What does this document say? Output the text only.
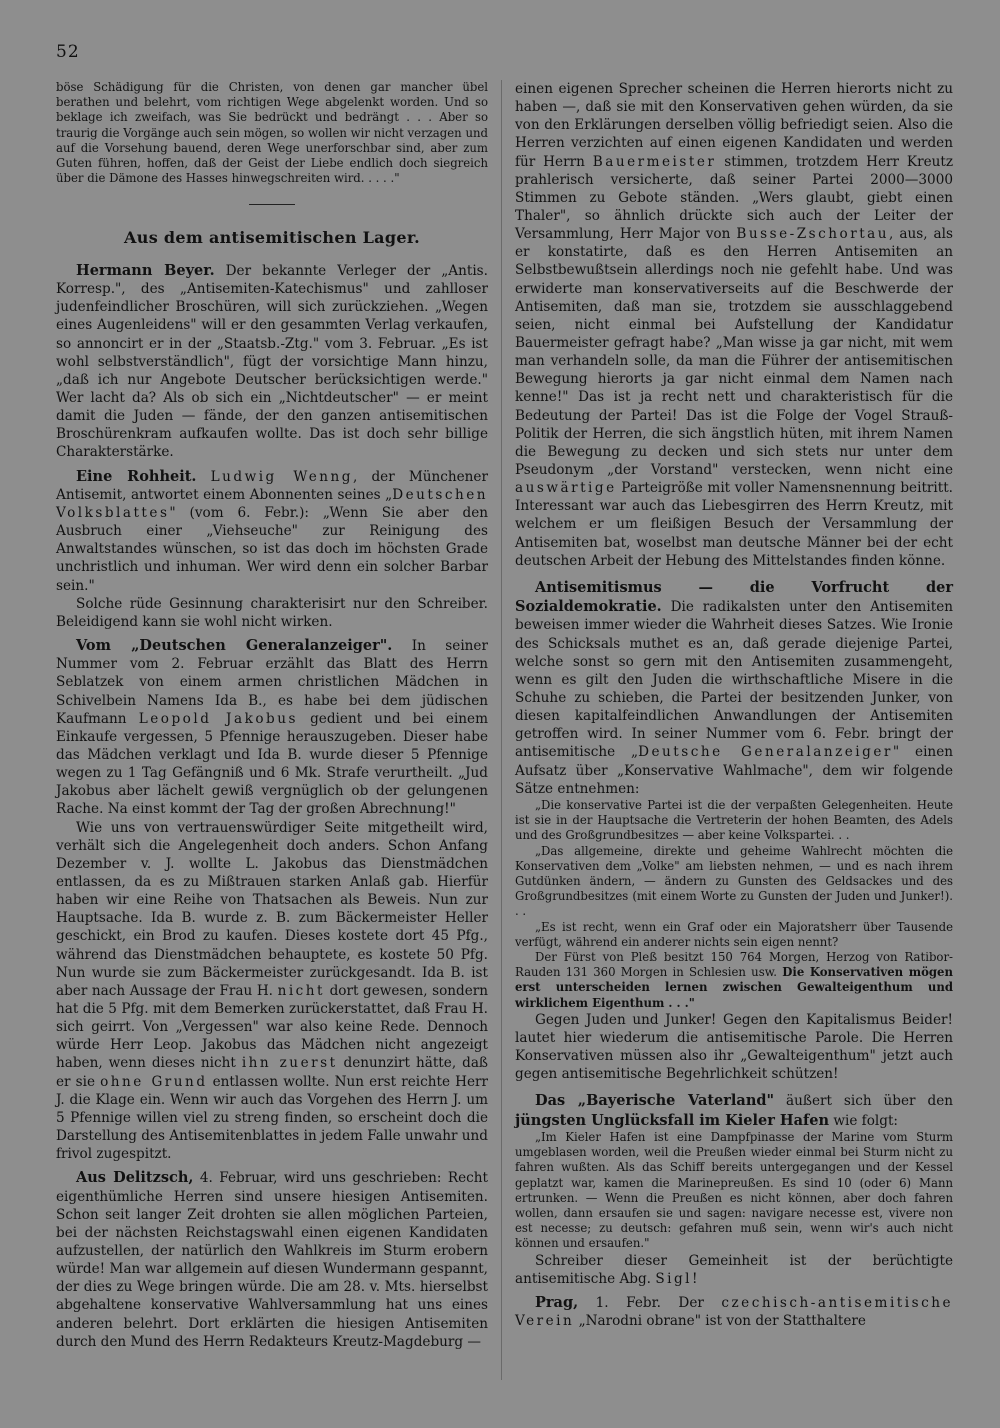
52

böse Schädigung für die Christen, von denen gar mancher übel berathen und belehrt, vom richtigen Wege abgelenkt worden. Und so beklage ich zweifach, was Sie bedrückt und bedrängt . . . Aber so traurig die Vorgänge auch sein mögen, so wollen wir nicht verzagen und auf die Vorsehung bauend, deren Wege unerforschbar sind, aber zum Guten führen, hoffen, daß der Geist der Liebe endlich doch siegreich über die Dämone des Hasses hinwegschreiten wird. . . . ."

Aus dem antisemitischen Lager.

Hermann Beyer. Der bekannte Verleger der „Antis. Korresp.", des „Antisemiten-Katechismus" und zahlloser judenfeindlicher Broschüren, will sich zurückziehen. „Wegen eines Augenleidens" will er den gesammten Verlag verkaufen, so annoncirt er in der „Staatsb.-Ztg." vom 3. Februar. „Es ist wohl selbstverständlich", fügt der vorsichtige Mann hinzu, „daß ich nur Angebote Deutscher berücksichtigen werde." Wer lacht da? Als ob sich ein „Nichtdeutscher" — er meint damit die Juden — fände, der den ganzen antisemitischen Broschürenkram aufkaufen wollte. Das ist doch sehr billige Charakterstärke.

Eine Rohheit. Ludwig Wenng, der Münchener Antisemit, antwortet einem Abonnenten seines „Deutschen Volksblattes" (vom 6. Febr.): „Wenn Sie aber den Ausbruch einer „Viehseuche" zur Reinigung des Anwaltstandes wünschen, so ist das doch im höchsten Grade unchristlich und inhuman. Wer wird denn ein solcher Barbar sein."

Solche rüde Gesinnung charakterisirt nur den Schreiber. Beleidigend kann sie wohl nicht wirken.

Vom „Deutschen Generalanzeiger". In seiner Nummer vom 2. Februar erzählt das Blatt des Herrn Seblatzek von einem armen christlichen Mädchen in Schivelbein Namens Ida B., es habe bei dem jüdischen Kaufmann Leopold Jakobus gedient und bei einem Einkaufe vergessen, 5 Pfennige herauszugeben. Dieser habe das Mädchen verklagt und Ida B. wurde dieser 5 Pfennige wegen zu 1 Tag Gefängniß und 6 Mk. Strafe verurtheilt. „Jud Jakobus aber lächelt gewiß vergnüglich ob der gelungenen Rache. Na einst kommt der Tag der großen Abrechnung!"

Wie uns von vertrauenswürdiger Seite mitgetheilt wird, verhält sich die Angelegenheit doch anders. Schon Anfang Dezember v. J. wollte L. Jakobus das Dienstmädchen entlassen, da es zu Mißtrauen starken Anlaß gab. Hierfür haben wir eine Reihe von Thatsachen als Beweis. Nun zur Hauptsache. Ida B. wurde z. B. zum Bäckermeister Heller geschickt, ein Brod zu kaufen. Dieses kostete dort 45 Pfg., während das Dienstmädchen behauptete, es kostete 50 Pfg. Nun wurde sie zum Bäckermeister zurückgesandt. Ida B. ist aber nach Aussage der Frau H. nicht dort gewesen, sondern hat die 5 Pfg. mit dem Bemerken zurückerstattet, daß Frau H. sich geirrt. Von „Vergessen" war also keine Rede. Dennoch würde Herr Leop. Jakobus das Mädchen nicht angezeigt haben, wenn dieses nicht ihn zuerst denunzirt hätte, daß er sie ohne Grund entlassen wollte. Nun erst reichte Herr J. die Klage ein. Wenn wir auch das Vorgehen des Herrn J. um 5 Pfennige willen viel zu streng finden, so erscheint doch die Darstellung des Antisemitenblattes in jedem Falle unwahr und frivol zugespitzt.

Aus Delitzsch, 4. Februar, wird uns geschrieben: Recht eigenthümliche Herren sind unsere hiesigen Antisemiten. Schon seit langer Zeit drohten sie allen möglichen Parteien, bei der nächsten Reichstagswahl einen eigenen Kandidaten aufzustellen, der natürlich den Wahlkreis im Sturm erobern würde! Man war allgemein auf diesen Wundermann gespannt, der dies zu Wege bringen würde. Die am 28. v. Mts. hierselbst abgehaltene konservative Wahlversammlung hat uns eines anderen belehrt. Dort erklärten die hiesigen Antisemiten durch den Mund des Herrn Redakteurs Kreutz-Magdeburg —

einen eigenen Sprecher scheinen die Herren hierorts nicht zu haben —, daß sie mit den Konservativen gehen würden, da sie von den Erklärungen derselben völlig befriedigt seien. Also die Herren verzichten auf einen eigenen Kandidaten und werden für Herrn Bauermeister stimmen, trotzdem Herr Kreutz prahlerisch versicherte, daß seiner Partei 2000—3000 Stimmen zu Gebote ständen. „Wers glaubt, giebt einen Thaler", so ähnlich drückte sich auch der Leiter der Versammlung, Herr Major von Busse-Zschortau, aus, als er konstatirte, daß es den Herren Antisemiten an Selbstbewußtsein allerdings noch nie gefehlt habe. Und was erwiderte man konservativerseits auf die Beschwerde der Antisemiten, daß man sie, trotzdem sie ausschlaggebend seien, nicht einmal bei Aufstellung der Kandidatur Bauermeister gefragt habe? „Man wisse ja gar nicht, mit wem man verhandeln solle, da man die Führer der antisemitischen Bewegung hierorts ja gar nicht einmal dem Namen nach kenne!" Das ist ja recht nett und charakteristisch für die Bedeutung der Partei! Das ist die Folge der Vogel Strauß-Politik der Herren, die sich ängstlich hüten, mit ihrem Namen die Bewegung zu decken und sich stets nur unter dem Pseudonym „der Vorstand" verstecken, wenn nicht eine auswärtige Parteigröße mit voller Namensnennung beitritt. Interessant war auch das Liebesgirren des Herrn Kreutz, mit welchem er um fleißigen Besuch der Versammlung der Antisemiten bat, woselbst man deutsche Männer bei der echt deutschen Arbeit der Hebung des Mittelstandes finden könne.

Antisemitismus — die Vorfrucht der Sozialdemokratie. Die radikalsten unter den Antisemiten beweisen immer wieder die Wahrheit dieses Satzes. Wie Ironie des Schicksals muthet es an, daß gerade diejenige Partei, welche sonst so gern mit den Antisemiten zusammengeht, wenn es gilt den Juden die wirthschaftliche Misere in die Schuhe zu schieben, die Partei der besitzenden Junker, von diesen kapitalfeindlichen Anwandlungen der Antisemiten getroffen wird. In seiner Nummer vom 6. Febr. bringt der antisemitische „Deutsche Generalanzeiger" einen Aufsatz über „Konservative Wahlmache", dem wir folgende Sätze entnehmen:

„Die konservative Partei ist die der verpaßten Gelegenheiten. Heute ist sie in der Hauptsache die Vertreterin der hohen Beamten, des Adels und des Großgrundbesitzes — aber keine Volkspartei. . .

„Das allgemeine, direkte und geheime Wahlrecht möchten die Konservativen dem „Volke" am liebsten nehmen, — und es nach ihrem Gutdünken ändern, — ändern zu Gunsten des Geldsackes und des Großgrundbesitzes (mit einem Worte zu Gunsten der Juden und Junker!). . .

„Es ist recht, wenn ein Graf oder ein Majoratsherr über Tausende verfügt, während ein anderer nichts sein eigen nennt?

Der Fürst von Pleß besitzt 150 764 Morgen, Herzog von Ratibor-Rauden 131 360 Morgen in Schlesien usw. Die Konservativen mögen erst unterscheiden lernen zwischen Gewalteigenthum und wirklichem Eigenthum . . ."

Gegen Juden und Junker! Gegen den Kapitalismus Beider! lautet hier wiederum die antisemitische Parole. Die Herren Konservativen müssen also ihr „Gewalteigenthum" jetzt auch gegen antisemitische Begehrlichkeit schützen!

Das „Bayerische Vaterland" äußert sich über den jüngsten Unglücksfall im Kieler Hafen wie folgt:

„Im Kieler Hafen ist eine Dampfpinasse der Marine vom Sturm umgeblasen worden, weil die Preußen wieder einmal bei Sturm nicht zu fahren wußten. Als das Schiff bereits untergegangen und der Kessel geplatzt war, kamen die Marinepreußen. Es sind 10 (oder 6) Mann ertrunken. — Wenn die Preußen es nicht können, aber doch fahren wollen, dann ersaufen sie und sagen: navigare necesse est, vivere non est necesse; zu deutsch: gefahren muß sein, wenn wir's auch nicht können und ersaufen."

Schreiber dieser Gemeinheit ist der berüchtigte antisemitische Abg. Sigl!

Prag, 1. Febr. Der czechisch-antisemitische Verein „Narodni obrane" ist von der Statthaltere
